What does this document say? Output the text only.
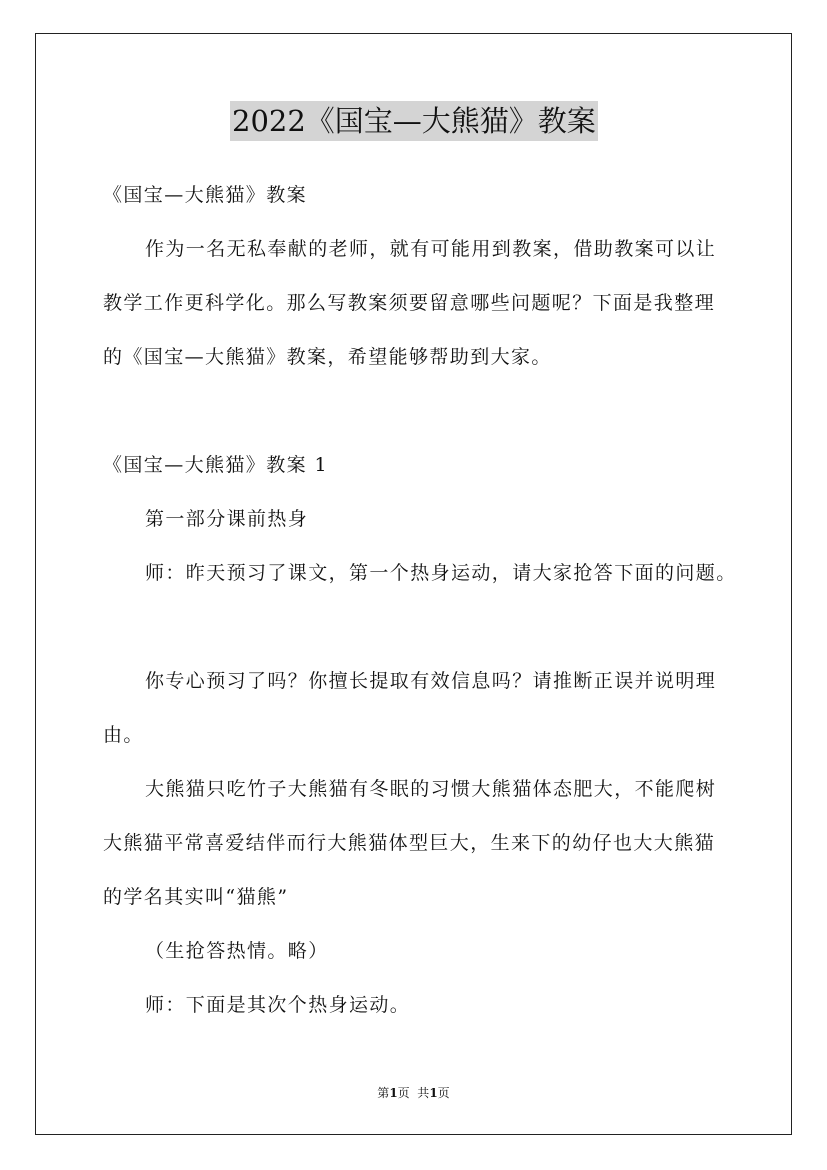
2022《国宝—大熊猫》教案
《国宝—大熊猫》教案
作为一名无私奉献的老师，就有可能用到教案，借助教案可以让
教学工作更科学化。那么写教案须要留意哪些问题呢？下面是我整理
的《国宝—大熊猫》教案，希望能够帮助到大家。
《国宝—大熊猫》教案 1
第一部分课前热身
师：昨天预习了课文，第一个热身运动，请大家抢答下面的问题。
你专心预习了吗？你擅长提取有效信息吗？请推断正误并说明理
由。
大熊猫只吃竹子大熊猫有冬眠的习惯大熊猫体态肥大，不能爬树
大熊猫平常喜爱结伴而行大熊猫体型巨大，生来下的幼仔也大大熊猫
的学名其实叫“猫熊”
（生抢答热情。略）
师：下面是其次个热身运动。
第1页  共1页
